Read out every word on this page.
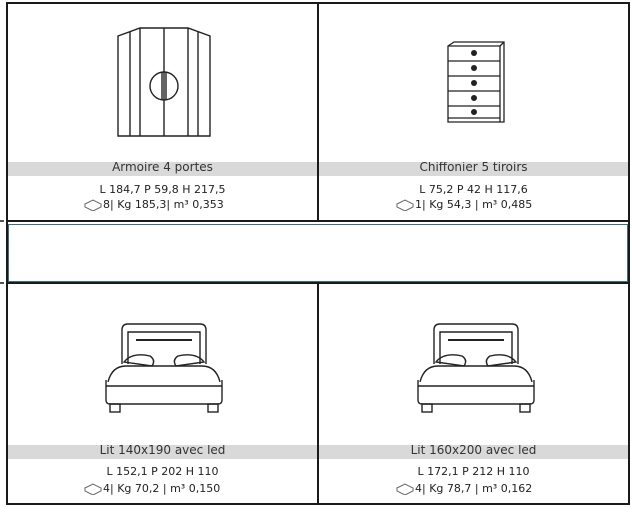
Armoire 4 portes
L 184,7 P 59,8 H 217,5
8| Kg 185,3| m³ 0,353
Chiffonier 5 tiroirs
L 75,2 P 42 H 117,6
1| Kg 54,3 | m³ 0,485
Lit 140x190 avec led
L 152,1 P 202 H 110
4| Kg 70,2 | m³ 0,150
Lit 160x200 avec led
L 172,1 P 212 H 110
4| Kg 78,7 | m³ 0,162
